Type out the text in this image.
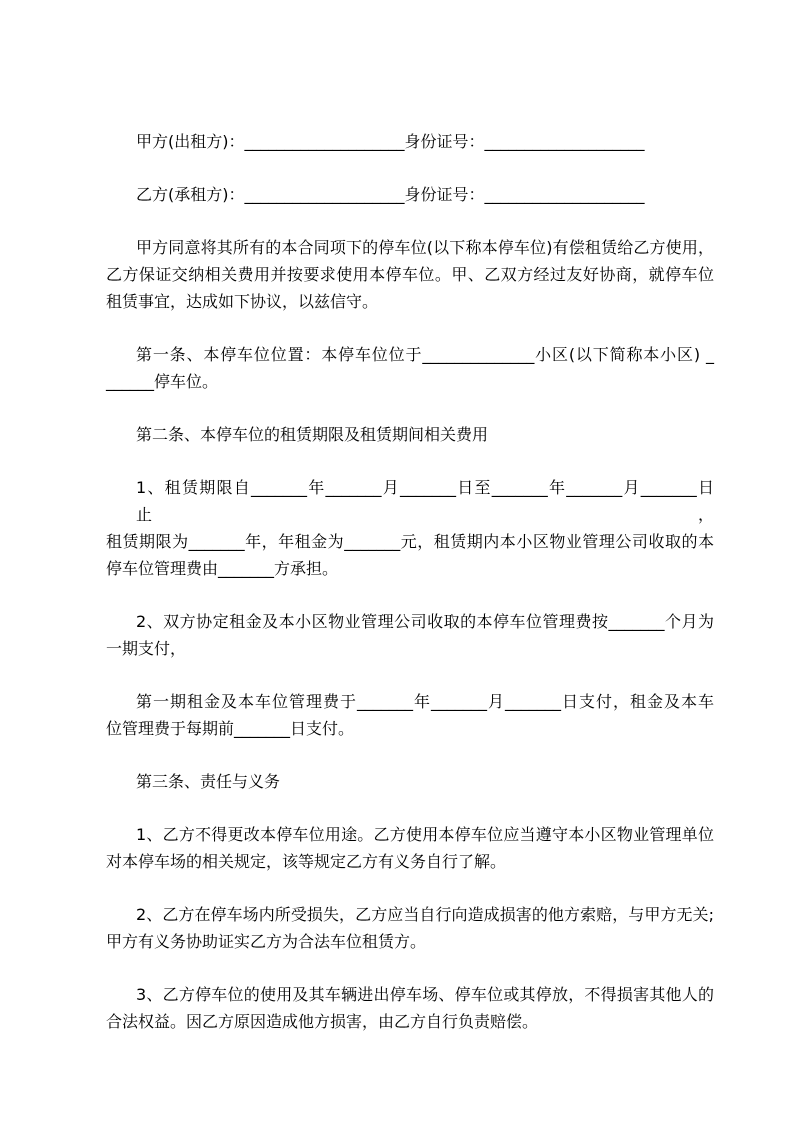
甲方(出租方)：____________________身份证号：____________________

乙方(承租方)：____________________身份证号：____________________

甲方同意将其所有的本合同项下的停车位(以下称本停车位)有偿租赁给乙方使用，
乙方保证交纳相关费用并按要求使用本停车位。甲、乙双方经过友好协商，就停车位
租赁事宜，达成如下协议，以兹信守。

第一条、本停车位位置：本停车位位于______________小区(以下简称本小区) _
______停车位。

第二条、本停车位的租赁期限及租赁期间相关费用

1、租赁期限自_______年_______月_______日至_______年_______月_______日止，
租赁期限为_______年，年租金为_______元，租赁期内本小区物业管理公司收取的本
停车位管理费由_______方承担。

2、双方协定租金及本小区物业管理公司收取的本停车位管理费按_______个月为
一期支付，

第一期租金及本车位管理费于_______年_______月_______日支付，租金及本车
位管理费于每期前_______日支付。

第三条、责任与义务

1、乙方不得更改本停车位用途。乙方使用本停车位应当遵守本小区物业管理单位
对本停车场的相关规定，该等规定乙方有义务自行了解。

2、乙方在停车场内所受损失，乙方应当自行向造成损害的他方索赔，与甲方无关;
甲方有义务协助证实乙方为合法车位租赁方。

3、乙方停车位的使用及其车辆进出停车场、停车位或其停放，不得损害其他人的
合法权益。因乙方原因造成他方损害，由乙方自行负责赔偿。
